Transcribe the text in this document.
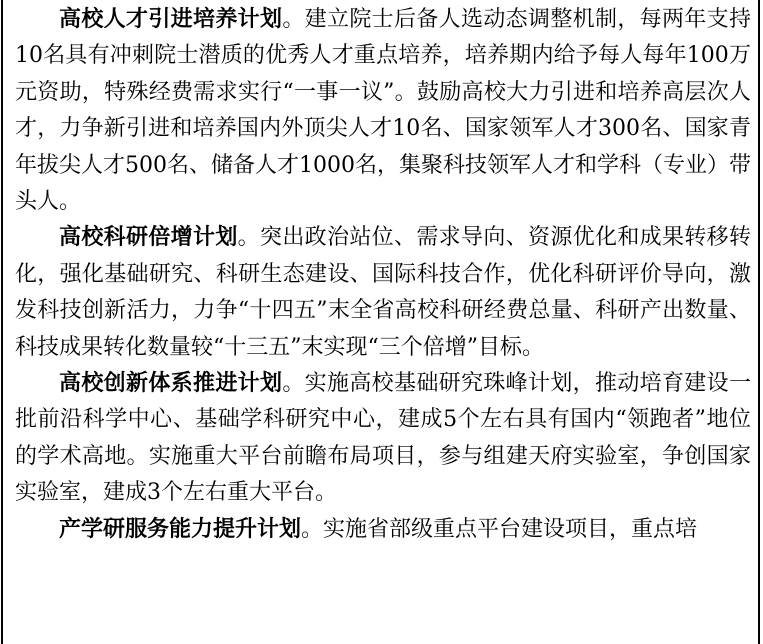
高校人才引进培养计划。建立院士后备人选动态调整机制，每两年支持10名具有冲刺院士潜质的优秀人才重点培养，培养期内给予每人每年100万元资助，特殊经费需求实行“一事一议”。鼓励高校大力引进和培养高层次人才，力争新引进和培养国内外顶尖人才10名、国家领军人才300名、国家青年拔尖人才500名、储备人才1000名，集聚科技领军人才和学科（专业）带头人。

高校科研倍增计划。突出政治站位、需求导向、资源优化和成果转移转化，强化基础研究、科研生态建设、国际科技合作，优化科研评价导向，激发科技创新活力，力争“十四五”末全省高校科研经费总量、科研产出数量、科技成果转化数量较“十三五”末实现“三个倍增”目标。

高校创新体系推进计划。实施高校基础研究珠峰计划，推动培育建设一批前沿科学中心、基础学科研究中心，建成5个左右具有国内“领跑者”地位的学术高地。实施重大平台前瞻布局项目，参与组建天府实验室，争创国家实验室，建成3个左右重大平台。

产学研服务能力提升计划。实施省部级重点平台建设项目，重点培
